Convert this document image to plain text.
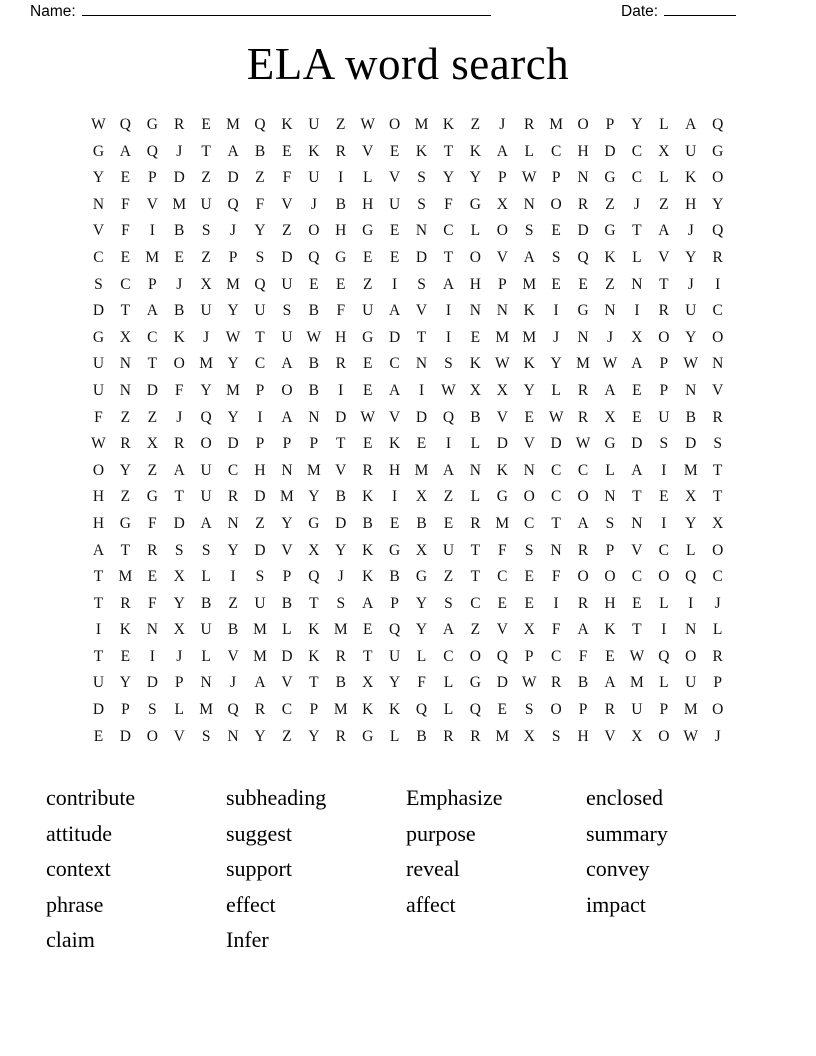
Name:	Date:
ELA word search
W Q	G	R	E M Q	K	U	Z W O M K	Z	J	R M O	P	Y	L	A	Q
G	A	Q	J	T	A	B	E	K	R	V	E	K	T	K	A	L	C	H	D	C	X	U	G
Y	E	P	D	Z	D	Z	F	U	I	L	V	S	Y	Y	P W P	N	G	C	L	K	O
N	F	V M U	Q	F	V	J	B	H	U	S	F	G	X	N	O	R	Z	J	Z	H	Y
V	F	I	B	S	J	Y	Z	O	H	G	E	N	C	L	O	S	E	D	G	T	A	J	Q
C	E M E	Z	P	S	D	Q	G	E	E	D	T	O	V	A	S	Q	K	L	V	Y	R
S	C	P	J	X M Q	U	E	E	Z	I	S	A	H	P	M E	E	Z	N	T	J	I
D	T	A	B	U	Y	U	S	B	F	U	A	V	I	N	N	K	I	G	N	I	R	U	C
G	X	C	K	J	W T	U W H	G	D	T	I	E M M	J	N	J	X	O	Y	O
U	N	T	O M Y	C	A	B	R	E	C	N	S	K W K	Y M W A	P W N
U	N	D	F	Y M	P	O	B	I	E	A	I	W X	X	Y	L	R	A	E	P	N	V
F	Z	Z	J	Q	Y	I	A	N	D W V	D	Q	B	V	E W R	X	E	U	B	R
W R	X	R	O	D	P	P	P	T	E	K	E	I	L	D	V	D W G	D	S	D	S
O	Y	Z	A	U	C	H	N M V	R	H M A	N	K	N	C	C	L	A	I	M T
H	Z	G	T	U	R	D M Y	B	K	I	X	Z	L	G	O	C	O	N	T	E	X	T
H	G	F	D	A	N	Z	Y	G	D	B	E	B	E	R M C	T	A	S	N	I	Y	X
A	T	R	S	S	Y	D	V	X	Y	K	G	X	U	T	F	S	N	R	P	V	C	L	O
T M E	X	L	I	S	P	Q	J	K	B	G	Z	T	C	E	F	O	O	C	O	Q	C
T	R	F	Y	B	Z	U	B	T	S	A	P	Y	S	C	E	E	I	R	H	E	L	I	J
I	K	N	X	U	B M L	K M E	Q	Y	A	Z	V	X	F	A	K	T	I	N	L
T	E	I	J	L	V M D	K	R	T	U	L	C	O	Q	P	C	F	E W Q	O	R
U	Y	D	P	N	J	A	V	T	B	X	Y	F	L	G	D W R	B	A M L	U	P
D	P	S	L M Q	R	C	P	M K	K	Q	L	Q	E	S	O	P	R	U	P	M O
E	D	O	V	S	N	Y	Z	Y	R	G	L	B	R	R M X	S	H	V	X	O W	J
contribute
attitude
context
phrase
claim
subheading
suggest
support
effect
Infer
Emphasize
purpose
reveal
affect
enclosed
summary
convey
impact
